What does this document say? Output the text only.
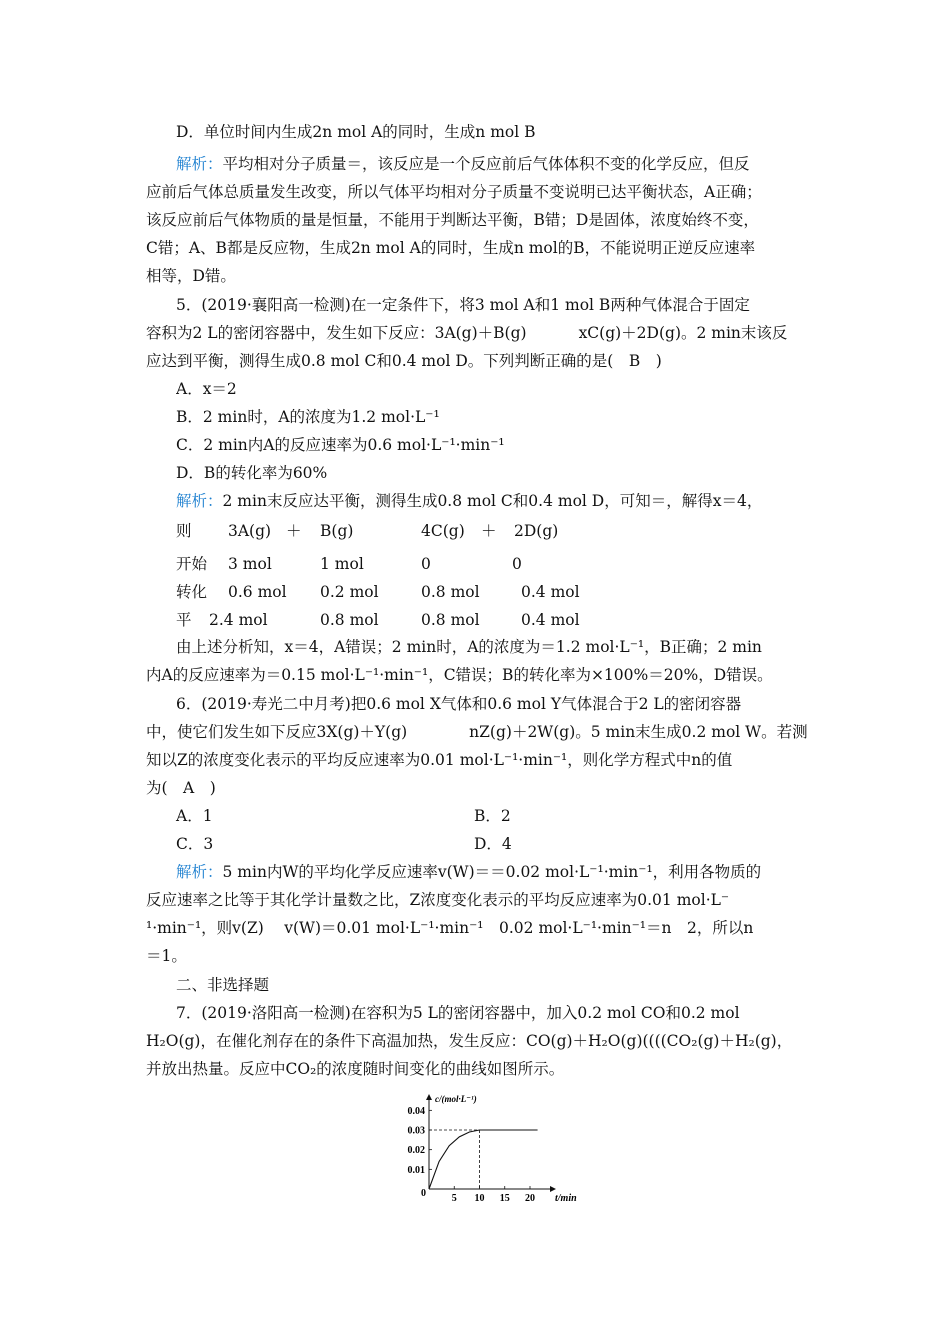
D．单位时间内生成2n mol A的同时，生成n mol B
解析：平均相对分子质量＝，该反应是一个反应前后气体体积不变的化学反应，但反
应前后气体总质量发生改变，所以气体平均相对分子质量不变说明已达平衡状态，A正确；
该反应前后气体物质的量是恒量，不能用于判断达平衡，B错；D是固体，浓度始终不变，
C错；A、B都是反应物，生成2n mol A的同时，生成n mol的B，不能说明正逆反应速率
相等，D错。
5．(2019·襄阳高一检测)在一定条件下，将3 mol A和1 mol B两种气体混合于固定
容积为2 L的密闭容器中，发生如下反应：3A(g)＋B(g)	xC(g)＋2D(g)。2 min末该反
应达到平衡，测得生成0.8 mol C和0.4 mol D。下列判断正确的是(　B　)
A．x＝2
B．2 min时，A的浓度为1.2 mol·L⁻¹
C．2 min内A的反应速率为0.6 mol·L⁻¹·min⁻¹
D．B的转化率为60%
解析：2 min末反应达平衡，测得生成0.8 mol C和0.4 mol D，可知＝，解得x＝4，
则 3A(g) ＋ B(g)	4C(g) ＋ 2D(g)
开始 3 mol	1 mol	0	0
转化 0.6 mol 0.2 mol	0.8 mol	0.4 mol
平 2.4 mol	0.8 mol	0.8 mol	0.4 mol
由上述分析知，x＝4，A错误；2 min时，A的浓度为＝1.2 mol·L⁻¹，B正确；2 min
内A的反应速率为＝0.15 mol·L⁻¹·min⁻¹，C错误；B的转化率为×100%＝20%，D错误。
6．(2019·寿光二中月考)把0.6 mol X气体和0.6 mol Y气体混合于2 L的密闭容器
中，使它们发生如下反应3X(g)＋Y(g)	nZ(g)＋2W(g)。5 min末生成0.2 mol W。若测
知以Z的浓度变化表示的平均反应速率为0.01 mol·L⁻¹·min⁻¹，则化学方程式中n的值
为(　A　)
A．1	B．2
C．3	D．4
解析：5 min内W的平均化学反应速率v(W)＝＝0.02 mol·L⁻¹·min⁻¹，利用各物质的
反应速率之比等于其化学计量数之比，Z浓度变化表示的平均反应速率为0.01 mol·L⁻
¹·min⁻¹，则v(Z)　 v(W)＝0.01 mol·L⁻¹·min⁻¹　0.02 mol·L⁻¹·min⁻¹＝n　2，所以n
＝1。
二、非选择题
7．(2019·洛阳高一检测)在容积为5 L的密闭容器中，加入0.2 mol CO和0.2 mol
H₂O(g)，在催化剂存在的条件下高温加热，发生反应：CO(g)＋H₂O(g)((((CO₂(g)＋H₂(g)，
并放出热量。反应中CO₂的浓度随时间变化的曲线如图所示。
0.04
0.03
0.02
0.01
5 10 15 20
0
c/(mol·L⁻¹)
t/min
